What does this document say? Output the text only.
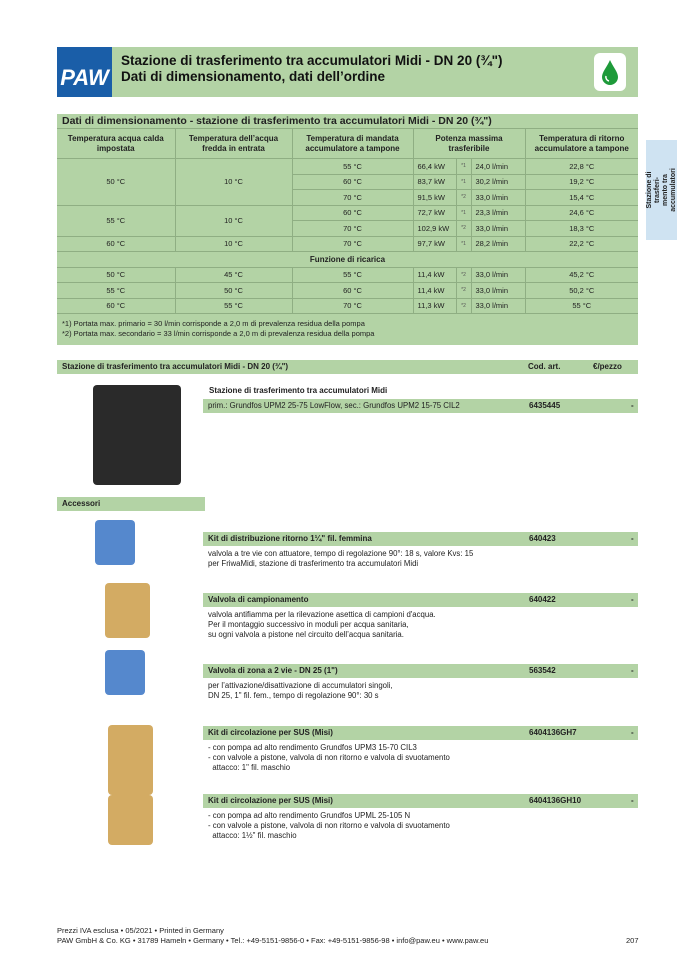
PAW
Stazione di trasferimento tra accumulatori Midi - DN 20 (¾")
Dati di dimensionamento, dati dell’ordine
Stazione di trasferi- mento tra accumulatori
Dati di dimensionamento - stazione di trasferimento tra accumulatori Midi - DN 20 (¾")
Temperatura acqua calda impostata	Temperatura dell’acqua fredda in entrata	Temperatura di mandata accumulatore a tampone	Potenza massima trasferibile			Temperatura di ritorno accumulatore a tampone
50 °C	10 °C	55 °C	66,4 kW	*1	24,0 l/min	22,8 °C
		60 °C	83,7 kW	*1	30,2 l/min	19,2 °C
		70 °C	91,5 kW	*2	33,0 l/min	15,4 °C
55 °C	10 °C	60 °C	72,7 kW	*1	23,3 l/min	24,6 °C
		70 °C	102,9 kW	*2	33,0 l/min	18,3 °C
60 °C	10 °C	70 °C	97,7 kW	*1	28,2 l/min	22,2 °C
Funzione di ricarica						
50 °C	45 °C	55 °C	11,4 kW	*2	33,0 l/min	45,2 °C
55 °C	50 °C	60 °C	11,4 kW	*2	33,0 l/min	50,2 °C
60 °C	55 °C	70 °C	11,3 kW	*2	33,0 l/min	55 °C
*1) Portata max. primario = 30 l/min corrisponde a 2,0 m di prevalenza residua della pompa
*2) Portata max. secondario = 33 l/min corrisponde a 2,0 m di prevalenza residua della pompa
Stazione di trasferimento tra accumulatori Midi - DN 20 (¾")	Cod. art.	€/pezzo
Stazione di trasferimento tra accumulatori Midi
prim.: Grundfos UPM2 25-75 LowFlow, sec.: Grundfos UPM2 15-75 CIL2	6435445	-
Accessori
Kit di distribuzione ritorno 1¼" fil. femmina	640423	-
valvola a tre vie con attuatore, tempo di regolazione 90°: 18 s, valore Kvs: 15
per FriwaMidi, stazione di trasferimento tra accumulatori Midi
Valvola di campionamento	640422	-
valvola antifiamma per la rilevazione asettica di campioni d'acqua.
Per il montaggio successivo in moduli per acqua sanitaria,
su ogni valvola a pistone nel circuito dell’acqua sanitaria.
Valvola di zona a 2 vie - DN 25 (1")	563542	-
per l’attivazione/disattivazione di accumulatori singoli,
DN 25, 1" fil. fem., tempo di regolazione 90°: 30 s
Kit di circolazione per SUS (Misi)	6404136GH7	-
- con pompa ad alto rendimento Grundfos UPM3 15-70 CIL3
- con valvole a pistone, valvola di non ritorno e valvola di svuotamento
attacco: 1" fil. maschio
Kit di circolazione per SUS (Misi)	6404136GH10	-
- con pompa ad alto rendimento Grundfos UPML 25-105 N
- con valvole a pistone, valvola di non ritorno e valvola di svuotamento
attacco: 1½" fil. maschio
Prezzi IVA esclusa • 05/2021 • Printed in Germany
PAW GmbH & Co. KG • 31789 Hameln • Germany • Tel.: +49-5151-9856-0 • Fax: +49-5151-9856-98 • info@paw.eu • www.paw.eu	207
